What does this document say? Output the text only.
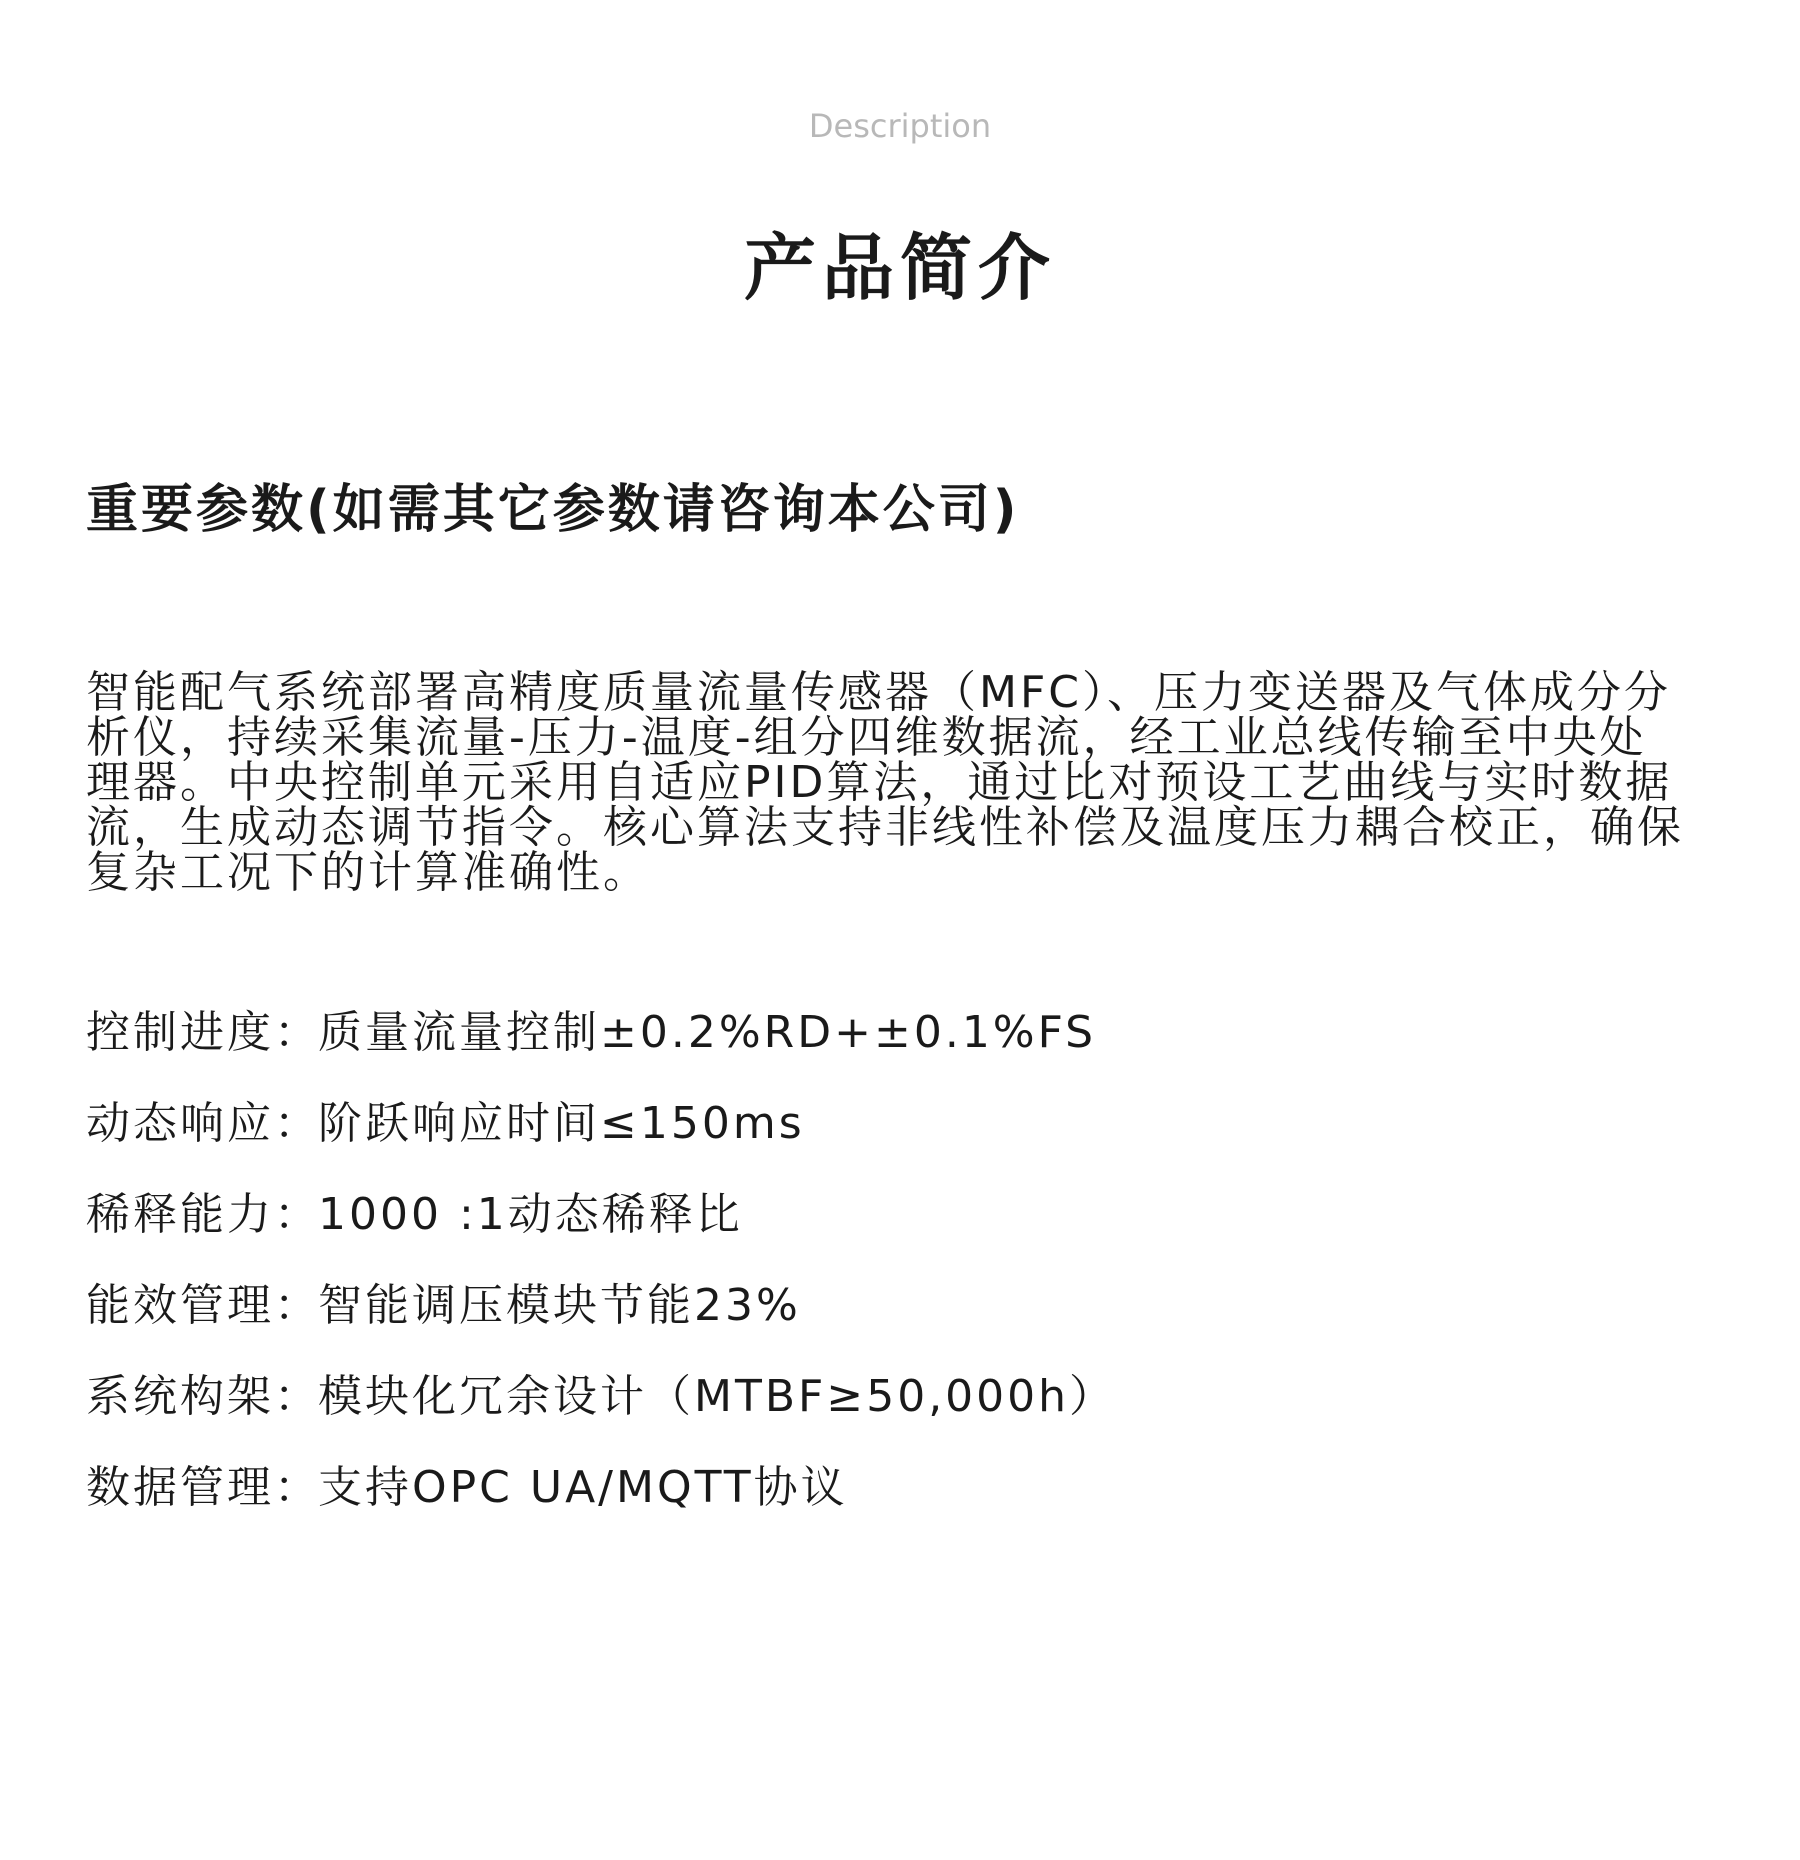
Description
产品简介
重要参数(如需其它参数请咨询本公司)

智能配气系统部署高精度质量流量传感器（MFC）、压力变送器及气体成分分析仪，持续采集流量-压力-温度-组分四维数据流，经工业总线传输至中央处理器。中央控制单元采用自适应PID算法，通过比对预设工艺曲线与实时数据流，生成动态调节指令。核心算法支持非线性补偿及温度压力耦合校正，确保复杂工况下的计算准确性。

控制进度：
质量流量控制±0.2%RD+±0.1%FS
动态响应：
阶跃响应时间≤150ms
稀释能力：
1000 :1动态稀释比
能效管理：
智能调压模块节能23%
系统构架：
模块化冗余设计（MTBF≥50,000h）
数据管理：
支持OPC UA/MQTT协议
